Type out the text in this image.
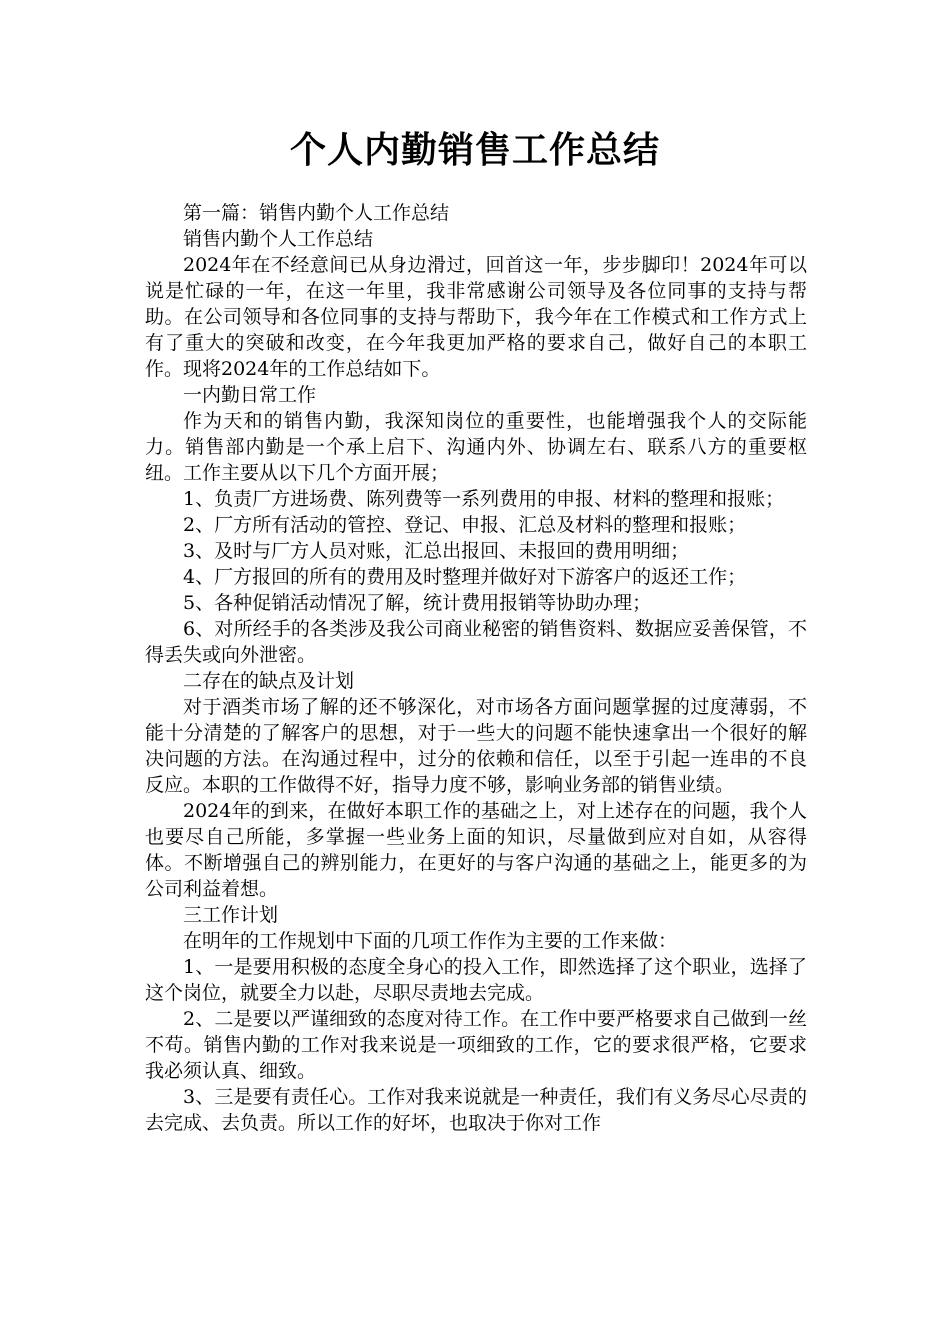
个人内勤销售工作总结

第一篇：销售内勤个人工作总结

销售内勤个人工作总结

2024年在不经意间已从身边滑过，回首这一年，步步脚印！2024年可以说是忙碌的一年，在这一年里，我非常感谢公司领导及各位同事的支持与帮助。在公司领导和各位同事的支持与帮助下，我今年在工作模式和工作方式上有了重大的突破和改变，在今年我更加严格的要求自己，做好自己的本职工作。现将2024年的工作总结如下。

一内勤日常工作

作为天和的销售内勤，我深知岗位的重要性，也能增强我个人的交际能力。销售部内勤是一个承上启下、沟通内外、协调左右、联系八方的重要枢纽。工作主要从以下几个方面开展；

1、负责厂方进场费、陈列费等一系列费用的申报、材料的整理和报账；

2、厂方所有活动的管控、登记、申报、汇总及材料的整理和报账；

3、及时与厂方人员对账，汇总出报回、未报回的费用明细；

4、厂方报回的所有的费用及时整理并做好对下游客户的返还工作；

5、各种促销活动情况了解，统计费用报销等协助办理；

6、对所经手的各类涉及我公司商业秘密的销售资料、数据应妥善保管，不得丢失或向外泄密。

二存在的缺点及计划

对于酒类市场了解的还不够深化，对市场各方面问题掌握的过度薄弱，不能十分清楚的了解客户的思想，对于一些大的问题不能快速拿出一个很好的解决问题的方法。在沟通过程中，过分的依赖和信任，以至于引起一连串的不良反应。本职的工作做得不好，指导力度不够，影响业务部的销售业绩。

2024年的到来，在做好本职工作的基础之上，对上述存在的问题，我个人也要尽自己所能，多掌握一些业务上面的知识，尽量做到应对自如，从容得体。不断增强自己的辨别能力，在更好的与客户沟通的基础之上，能更多的为公司利益着想。

三工作计划

在明年的工作规划中下面的几项工作作为主要的工作来做：

1、一是要用积极的态度全身心的投入工作，即然选择了这个职业，选择了这个岗位，就要全力以赴，尽职尽责地去完成。

2、二是要以严谨细致的态度对待工作。在工作中要严格要求自己做到一丝不苟。销售内勤的工作对我来说是一项细致的工作，它的要求很严格，它要求我必须认真、细致。

3、三是要有责任心。工作对我来说就是一种责任，我们有义务尽心尽责的去完成、去负责。所以工作的好坏，也取决于你对工作
